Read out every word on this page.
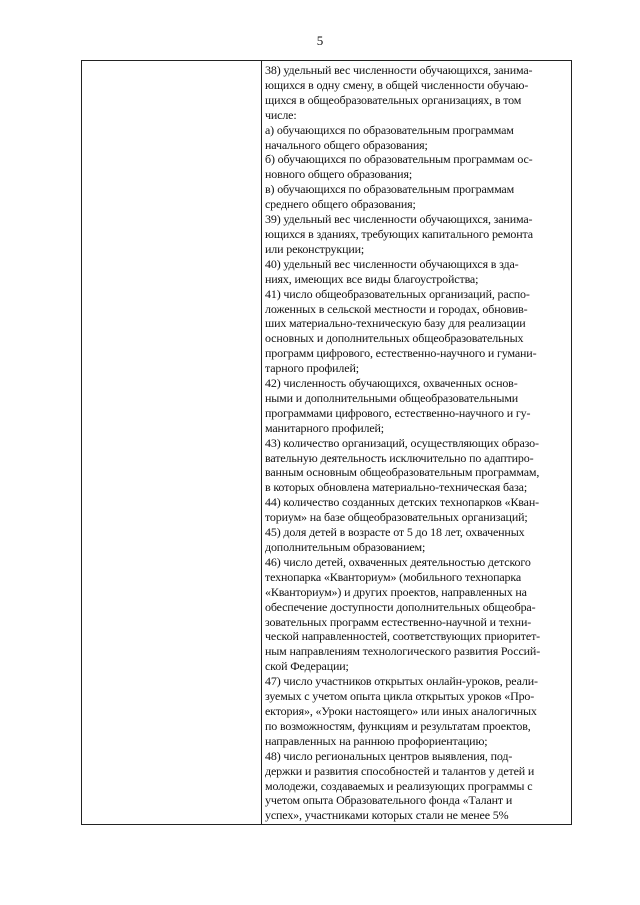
5

38) удельный вес численности обучающихся, занима-
ющихся в одну смену, в общей численности обучаю-
щихся в общеобразовательных организациях, в том
числе:
а) обучающихся по образовательным программам
начального общего образования;
б) обучающихся по образовательным программам ос-
новного общего образования;
в) обучающихся по образовательным программам
среднего общего образования;
39) удельный вес численности обучающихся, занима-
ющихся в зданиях, требующих капитального ремонта
или реконструкции;
40) удельный вес численности обучающихся в зда-
ниях, имеющих все виды благоустройства;
41) число общеобразовательных организаций, распо-
ложенных в сельской местности и городах, обновив-
ших материально-техническую базу для реализации
основных и дополнительных общеобразовательных
программ цифрового, естественно-научного и гумани-
тарного профилей;
42) численность обучающихся, охваченных основ-
ными и дополнительными общеобразовательными
программами цифрового, естественно-научного и гу-
манитарного профилей;
43) количество организаций, осуществляющих образо-
вательную деятельность исключительно по адаптиро-
ванным основным общеобразовательным программам,
в которых обновлена материально-техническая база;
44) количество созданных детских технопарков «Кван-
ториум» на базе общеобразовательных организаций;
45) доля детей в возрасте от 5 до 18 лет, охваченных
дополнительным образованием;
46) число детей, охваченных деятельностью детского
технопарка «Кванториум» (мобильного технопарка
«Кванториум») и других проектов, направленных на
обеспечение доступности дополнительных общеобра-
зовательных программ естественно-научной и техни-
ческой направленностей, соответствующих приоритет-
ным направлениям технологического развития Россий-
ской Федерации;
47) число участников открытых онлайн-уроков, реали-
зуемых с учетом опыта цикла открытых уроков «Про-
ектория», «Уроки настоящего» или иных аналогичных
по возможностям, функциям и результатам проектов,
направленных на раннюю профориентацию;
48) число региональных центров выявления, под-
держки и развития способностей и талантов у детей и
молодежи, создаваемых и реализующих программы с
учетом опыта Образовательного фонда «Талант и
успех», участниками которых стали не менее 5%
